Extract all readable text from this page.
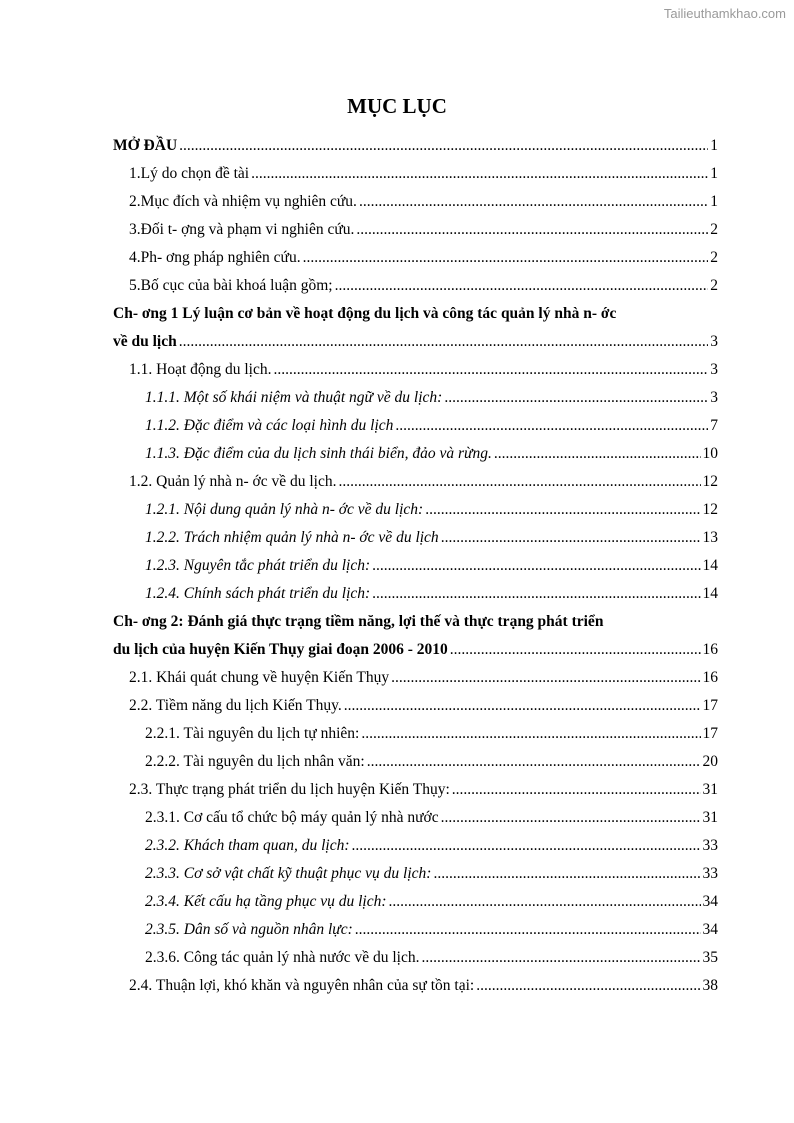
Tailieuthamkhao.com
MỤC LỤC
MỞ ĐẦU .....	1
1.Lý do chọn đề tài .....	1
2.Mục đích và nhiệm vụ nghiên cứu. .....	1
3.Đối t- ợng và phạm vi nghiên cứu. .....	2
4.Ph- ơng pháp nghiên cứu. .....	2
5.Bố cục của bài khoá luận gồm; .....	2
Ch- ơng 1 Lý luận cơ bản về hoạt động du lịch và công tác quản lý nhà n- ớc
về du lịch .....	3
1.1. Hoạt động du lịch. .....	3
1.1.1. Một số khái niệm và thuật ngữ về du lịch: .....	3
1.1.2. Đặc điểm và các loại hình du lịch .....	7
1.1.3. Đặc điểm của du lịch sinh thái biển, đảo và rừng. .....	10
1.2. Quản lý nhà n- ớc về du lịch. .....	12
1.2.1. Nội dung quản lý nhà n- ớc về du lịch: .....	12
1.2.2. Trách nhiệm quản lý nhà n- ớc về du lịch .....	13
1.2.3. Nguyên tắc phát triển du lịch: .....	14
1.2.4. Chính sách phát triển du lịch: .....	14
Ch- ơng 2: Đánh giá thực trạng tiềm năng, lợi thế và thực trạng phát triển
du lịch của huyện Kiến Thụy giai đoạn 2006 - 2010 .....	16
2.1. Khái quát chung về huyện Kiến Thụy .....	16
2.2. Tiềm năng du lịch Kiến Thụy. .....	17
2.2.1. Tài nguyên du lịch tự nhiên: .....	17
2.2.2. Tài nguyên du lịch nhân văn: .....	20
2.3. Thực trạng phát triển du lịch huyện Kiến Thụy: .....	31
2.3.1. Cơ cấu tổ chức bộ máy quản lý nhà nước .....	31
2.3.2. Khách tham quan, du lịch: .....	33
2.3.3. Cơ sở vật chất kỹ thuật phục vụ du lịch: .....	33
2.3.4. Kết cấu hạ tầng phục vụ du lịch: .....	34
2.3.5. Dân số và nguồn nhân lực: .....	34
2.3.6. Công tác quản lý nhà nước về du lịch. .....	35
2.4. Thuận lợi, khó khăn và nguyên nhân của sự tồn tại: .....	38
